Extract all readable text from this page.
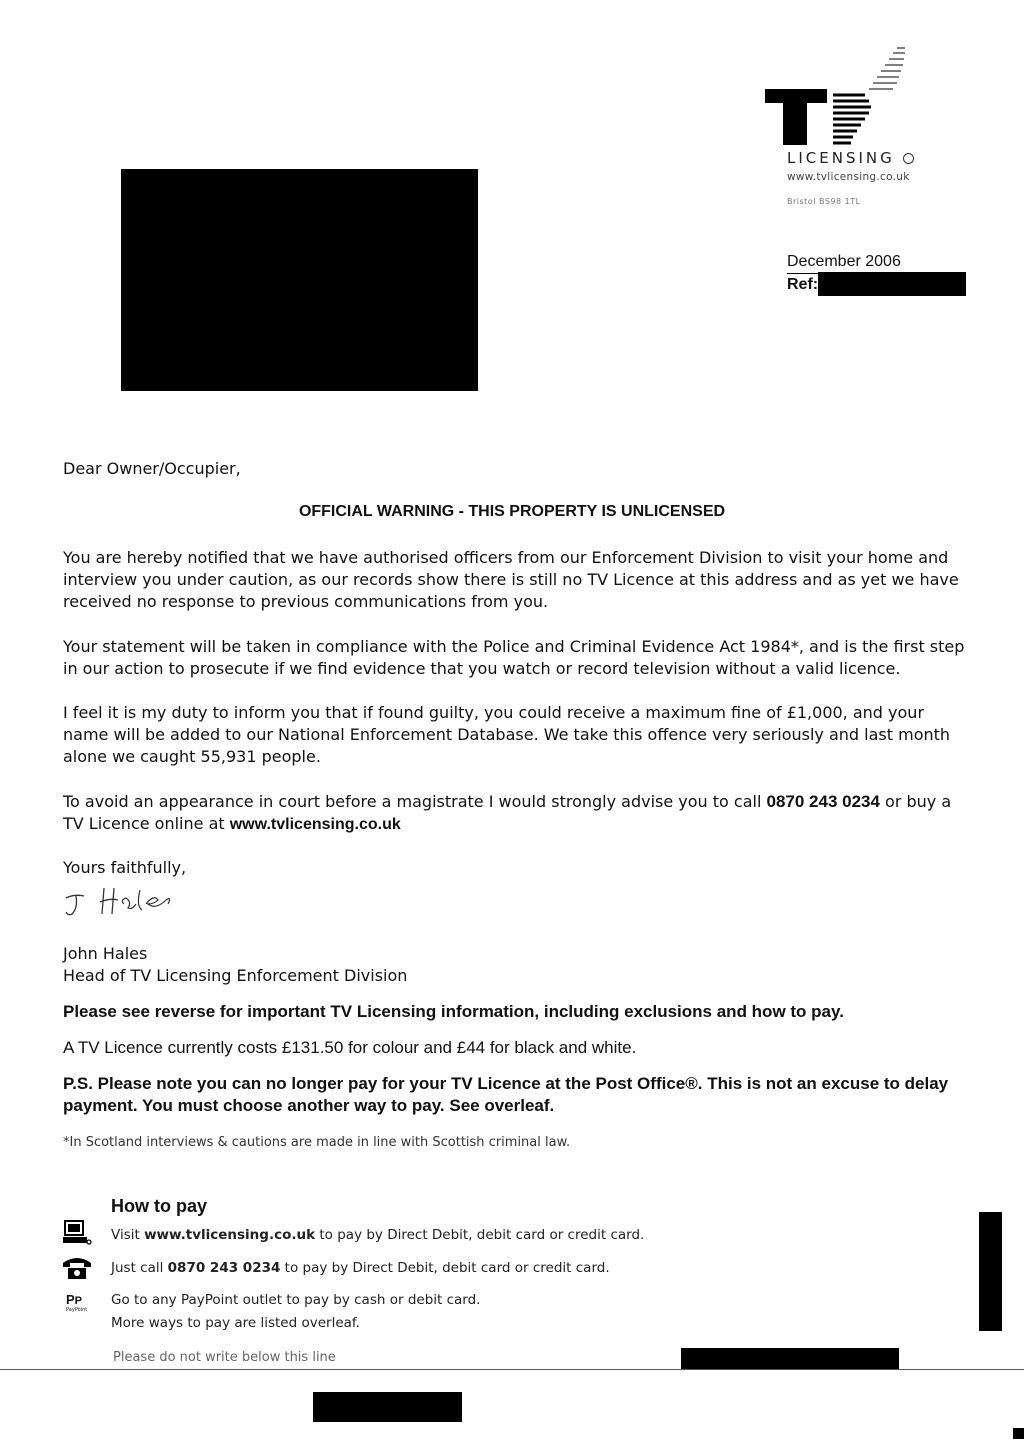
LICENSING
www.tvlicensing.co.uk
Bristol BS98 1TL
December 2006
Ref:
Dear Owner/Occupier,
OFFICIAL WARNING - THIS PROPERTY IS UNLICENSED
You are hereby notified that we have authorised officers from our Enforcement Division to visit your home and interview you under caution, as our records show there is still no TV Licence at this address and as yet we have received no response to previous communications from you.
Your statement will be taken in compliance with the Police and Criminal Evidence Act 1984*, and is the first step in our action to prosecute if we find evidence that you watch or record television without a valid licence.
I feel it is my duty to inform you that if found guilty, you could receive a maximum fine of £1,000, and your name will be added to our National Enforcement Database. We take this offence very seriously and last month alone we caught 55,931 people.
To avoid an appearance in court before a magistrate I would strongly advise you to call 0870 243 0234 or buy a TV Licence online at www.tvlicensing.co.uk
Yours faithfully,
John Hales
Head of TV Licensing Enforcement Division
Please see reverse for important TV Licensing information, including exclusions and how to pay.
A TV Licence currently costs £131.50 for colour and £44 for black and white.
P.S. Please note you can no longer pay for your TV Licence at the Post Office®. This is not an excuse to delay payment. You must choose another way to pay. See overleaf.
*In Scotland interviews & cautions are made in line with Scottish criminal law.
How to pay
Visit www.tvlicensing.co.uk to pay by Direct Debit, debit card or credit card.
Just call 0870 243 0234 to pay by Direct Debit, debit card or credit card.
PP
PayPoint
Go to any PayPoint outlet to pay by cash or debit card.
More ways to pay are listed overleaf.
Please do not write below this line
